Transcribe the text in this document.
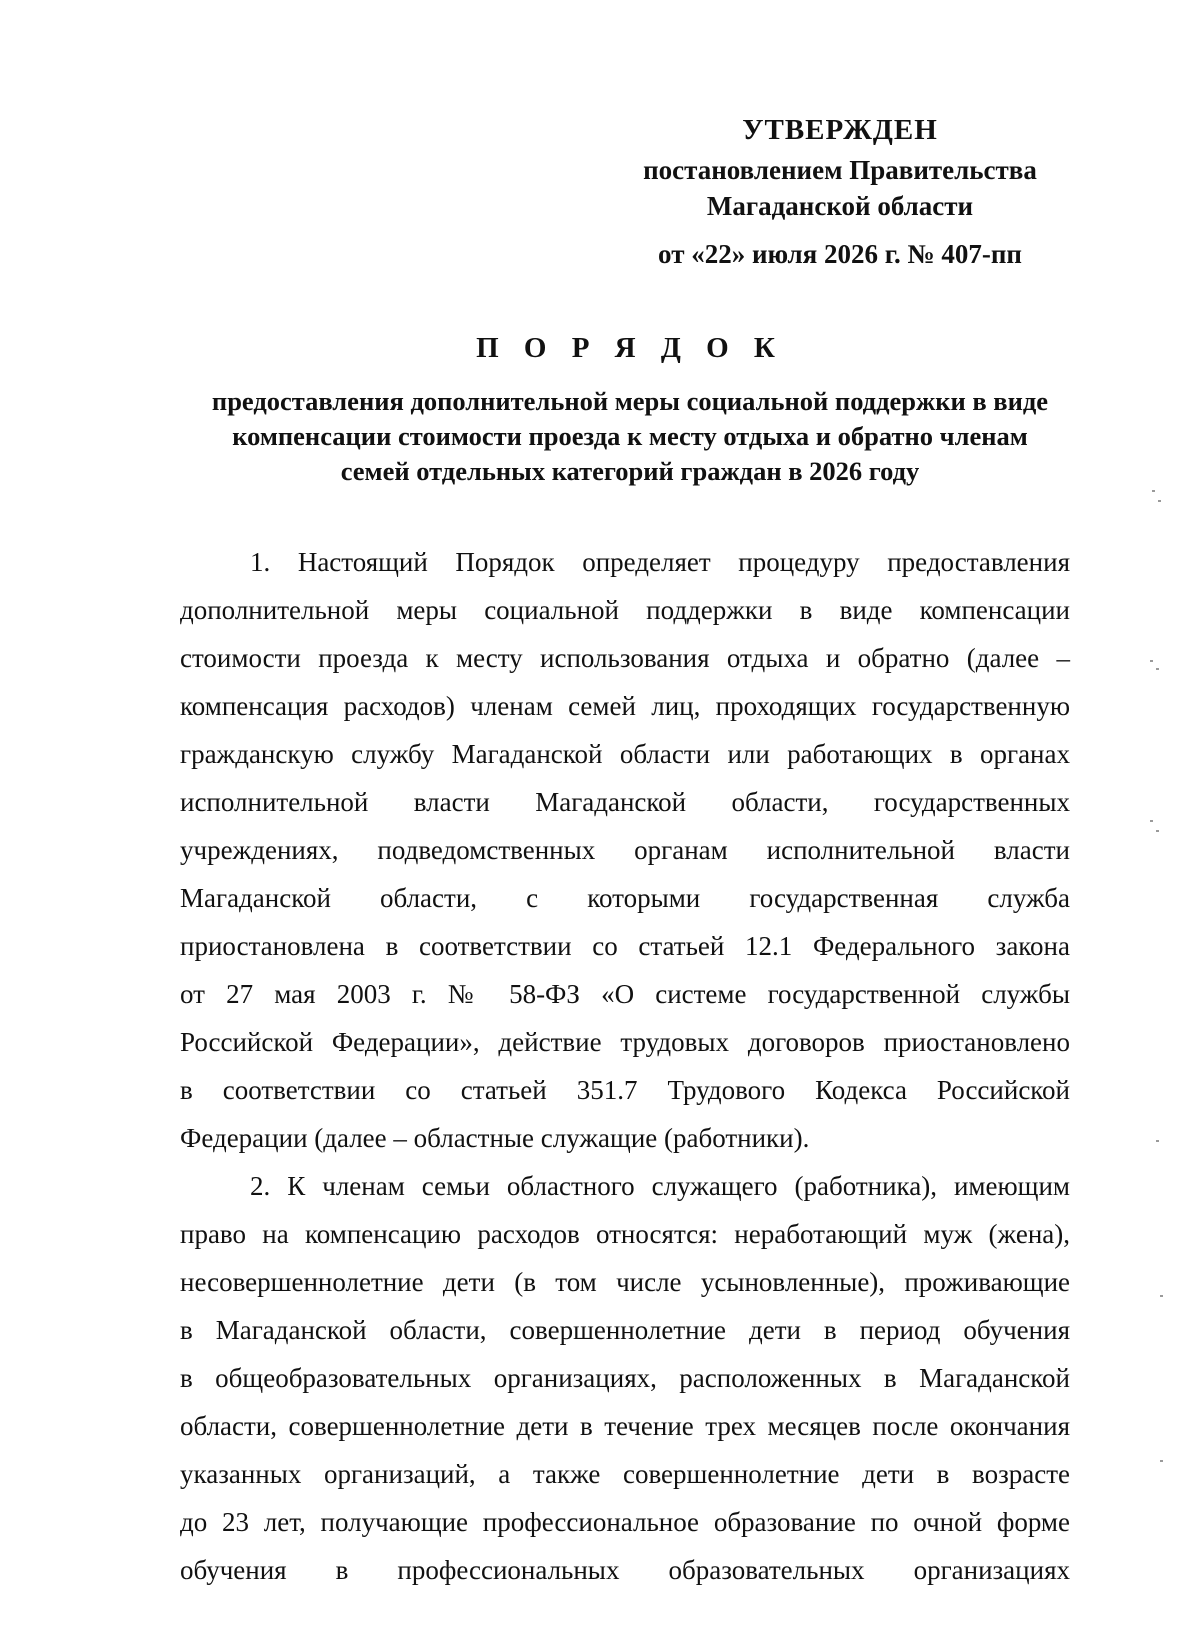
УТВЕРЖДЕН
постановлением Правительства
Магаданской области
от «22» июля 2026 г. № 407-пп
П О Р Я Д О К
предоставления дополнительной меры социальной поддержки в виде
компенсации стоимости проезда к месту отдыха и обратно членам
семей отдельных категорий граждан в 2026 году
1. Настоящий Порядок определяет процедуру предоставления
дополнительной меры социальной поддержки в виде компенсации
стоимости проезда к месту использования отдыха и обратно (далее –
компенсация расходов) членам семей лиц, проходящих государственную
гражданскую службу Магаданской области или работающих в органах
исполнительной власти Магаданской области, государственных
учреждениях, подведомственных органам исполнительной власти
Магаданской области, с которыми государственная служба
приостановлена в соответствии со статьей 12.1 Федерального закона
от 27 мая 2003 г. № 58-ФЗ «О системе государственной службы
Российской Федерации», действие трудовых договоров приостановлено
в соответствии со статьей 351.7 Трудового Кодекса Российской
Федерации (далее – областные служащие (работники).
2. К членам семьи областного служащего (работника), имеющим
право на компенсацию расходов относятся: неработающий муж (жена),
несовершеннолетние дети (в том числе усыновленные), проживающие
в Магаданской области, совершеннолетние дети в период обучения
в общеобразовательных организациях, расположенных в Магаданской
области, совершеннолетние дети в течение трех месяцев после окончания
указанных организаций, а также совершеннолетние дети в возрасте
до 23 лет, получающие профессиональное образование по очной форме
обучения в профессиональных образовательных организациях
